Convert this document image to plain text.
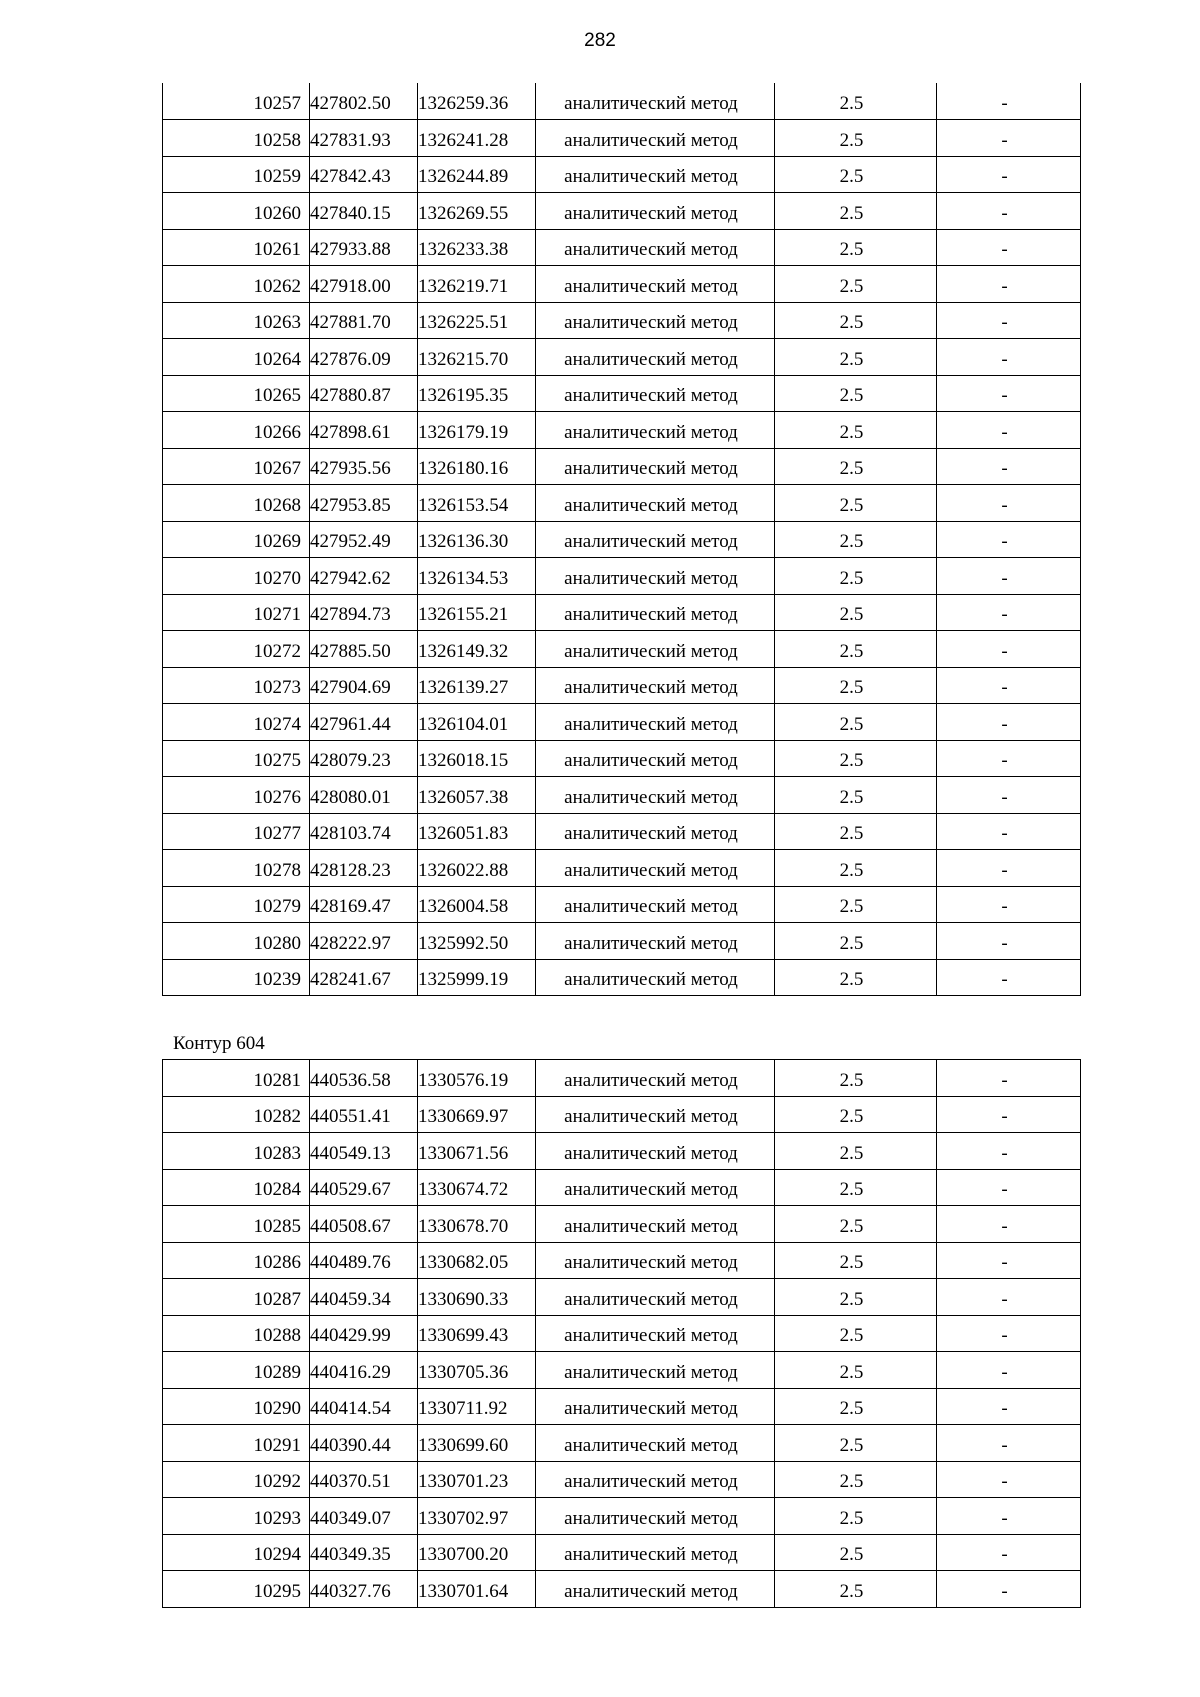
282
10257	427802.50	1326259.36	аналитический метод	2.5	-
10258	427831.93	1326241.28	аналитический метод	2.5	-
10259	427842.43	1326244.89	аналитический метод	2.5	-
10260	427840.15	1326269.55	аналитический метод	2.5	-
10261	427933.88	1326233.38	аналитический метод	2.5	-
10262	427918.00	1326219.71	аналитический метод	2.5	-
10263	427881.70	1326225.51	аналитический метод	2.5	-
10264	427876.09	1326215.70	аналитический метод	2.5	-
10265	427880.87	1326195.35	аналитический метод	2.5	-
10266	427898.61	1326179.19	аналитический метод	2.5	-
10267	427935.56	1326180.16	аналитический метод	2.5	-
10268	427953.85	1326153.54	аналитический метод	2.5	-
10269	427952.49	1326136.30	аналитический метод	2.5	-
10270	427942.62	1326134.53	аналитический метод	2.5	-
10271	427894.73	1326155.21	аналитический метод	2.5	-
10272	427885.50	1326149.32	аналитический метод	2.5	-
10273	427904.69	1326139.27	аналитический метод	2.5	-
10274	427961.44	1326104.01	аналитический метод	2.5	-
10275	428079.23	1326018.15	аналитический метод	2.5	-
10276	428080.01	1326057.38	аналитический метод	2.5	-
10277	428103.74	1326051.83	аналитический метод	2.5	-
10278	428128.23	1326022.88	аналитический метод	2.5	-
10279	428169.47	1326004.58	аналитический метод	2.5	-
10280	428222.97	1325992.50	аналитический метод	2.5	-
10239	428241.67	1325999.19	аналитический метод	2.5	-
Контур 604
10281	440536.58	1330576.19	аналитический метод	2.5	-
10282	440551.41	1330669.97	аналитический метод	2.5	-
10283	440549.13	1330671.56	аналитический метод	2.5	-
10284	440529.67	1330674.72	аналитический метод	2.5	-
10285	440508.67	1330678.70	аналитический метод	2.5	-
10286	440489.76	1330682.05	аналитический метод	2.5	-
10287	440459.34	1330690.33	аналитический метод	2.5	-
10288	440429.99	1330699.43	аналитический метод	2.5	-
10289	440416.29	1330705.36	аналитический метод	2.5	-
10290	440414.54	1330711.92	аналитический метод	2.5	-
10291	440390.44	1330699.60	аналитический метод	2.5	-
10292	440370.51	1330701.23	аналитический метод	2.5	-
10293	440349.07	1330702.97	аналитический метод	2.5	-
10294	440349.35	1330700.20	аналитический метод	2.5	-
10295	440327.76	1330701.64	аналитический метод	2.5	-
